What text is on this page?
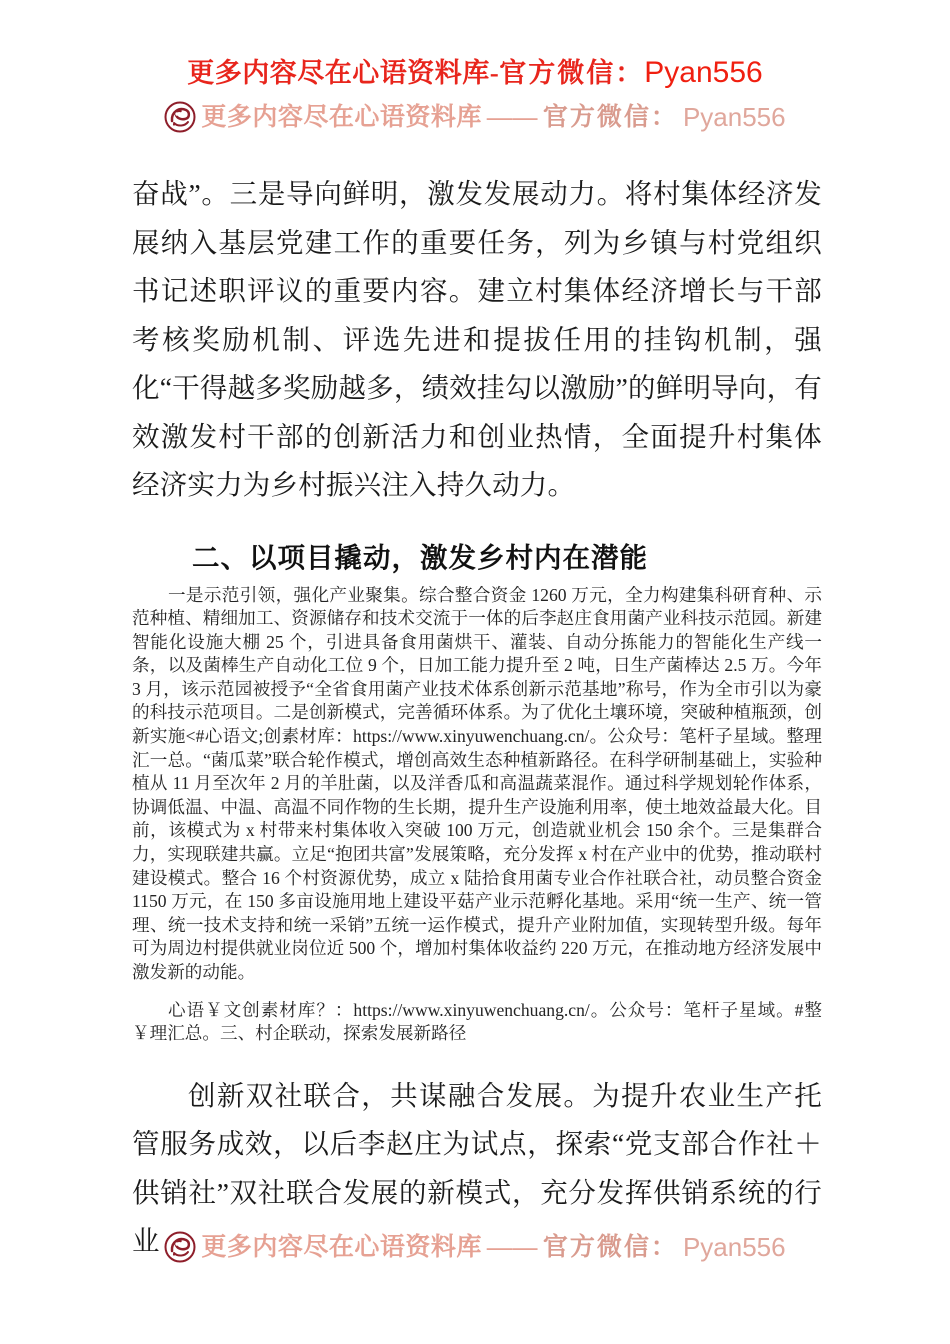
更多内容尽在心语资料库-官方微信：Pyan556
更多内容尽在心语资料库 —— 官方微信： Pyan556

奋战”。三是导向鲜明，激发发展动力。将村集体经济发展纳入基层党建工作的重要任务，列为乡镇与村党组织书记述职评议的重要内容。建立村集体经济增长与干部考核奖励机制、评选先进和提拔任用的挂钩机制，强化“干得越多奖励越多，绩效挂勾以激励”的鲜明导向，有效激发村干部的创新活力和创业热情，全面提升村集体经济实力为乡村振兴注入持久动力。

二、以项目撬动，激发乡村内在潜能

一是示范引领，强化产业聚集。综合整合资金 1260 万元，全力构建集科研育种、示范种植、精细加工、资源储存和技术交流于一体的后李赵庄食用菌产业科技示范园。新建智能化设施大棚 25 个，引进具备食用菌烘干、灌装、自动分拣能力的智能化生产线一条，以及菌棒生产自动化工位 9 个，日加工能力提升至 2 吨，日生产菌棒达 2.5 万。今年 3 月，该示范园被授予“全省食用菌产业技术体系创新示范基地”称号，作为全市引以为豪的科技示范项目。二是创新模式，完善循环体系。为了优化土壤环境，突破种植瓶颈，创新实施<#心语文;创素材库：https://www.xinyuwenchuang.cn/。公众号：笔杆子星域。整理汇一总。“菌瓜菜”联合轮作模式，增创高效生态种植新路径。在科学研制基础上，实验种植从 11 月至次年 2 月的羊肚菌，以及洋香瓜和高温蔬菜混作。通过科学规划轮作体系，协调低温、中温、高温不同作物的生长期，提升生产设施利用率，使土地效益最大化。目前，该模式为 x 村带来村集体收入突破 100 万元，创造就业机会 150 余个。三是集群合力，实现联建共赢。立足“抱团共富”发展策略，充分发挥 x 村在产业中的优势，推动联村建设模式。整合 16 个村资源优势，成立 x 陆拾食用菌专业合作社联合社，动员整合资金 1150 万元，在 150 多亩设施用地上建设平菇产业示范孵化基地。采用“统一生产、统一管理、统一技术支持和统一采销”五统一运作模式，提升产业附加值，实现转型升级。每年可为周边村提供就业岗位近 500 个，增加村集体收益约 220 万元，在推动地方经济发展中激发新的动能。

心语￥文创素材库？：https://www.xinyuwenchuang.cn/。公众号：笔杆子星域。#整￥理汇总。三、村企联动，探索发展新路径

创新双社联合，共谋融合发展。为提升农业生产托管服务成效，以后李赵庄为试点，探索“党支部合作社＋供销社”双社联合发展的新模式，充分发挥供销系统的行业	更多内容尽在心语资料库 —— 官方微信： Pyan556
